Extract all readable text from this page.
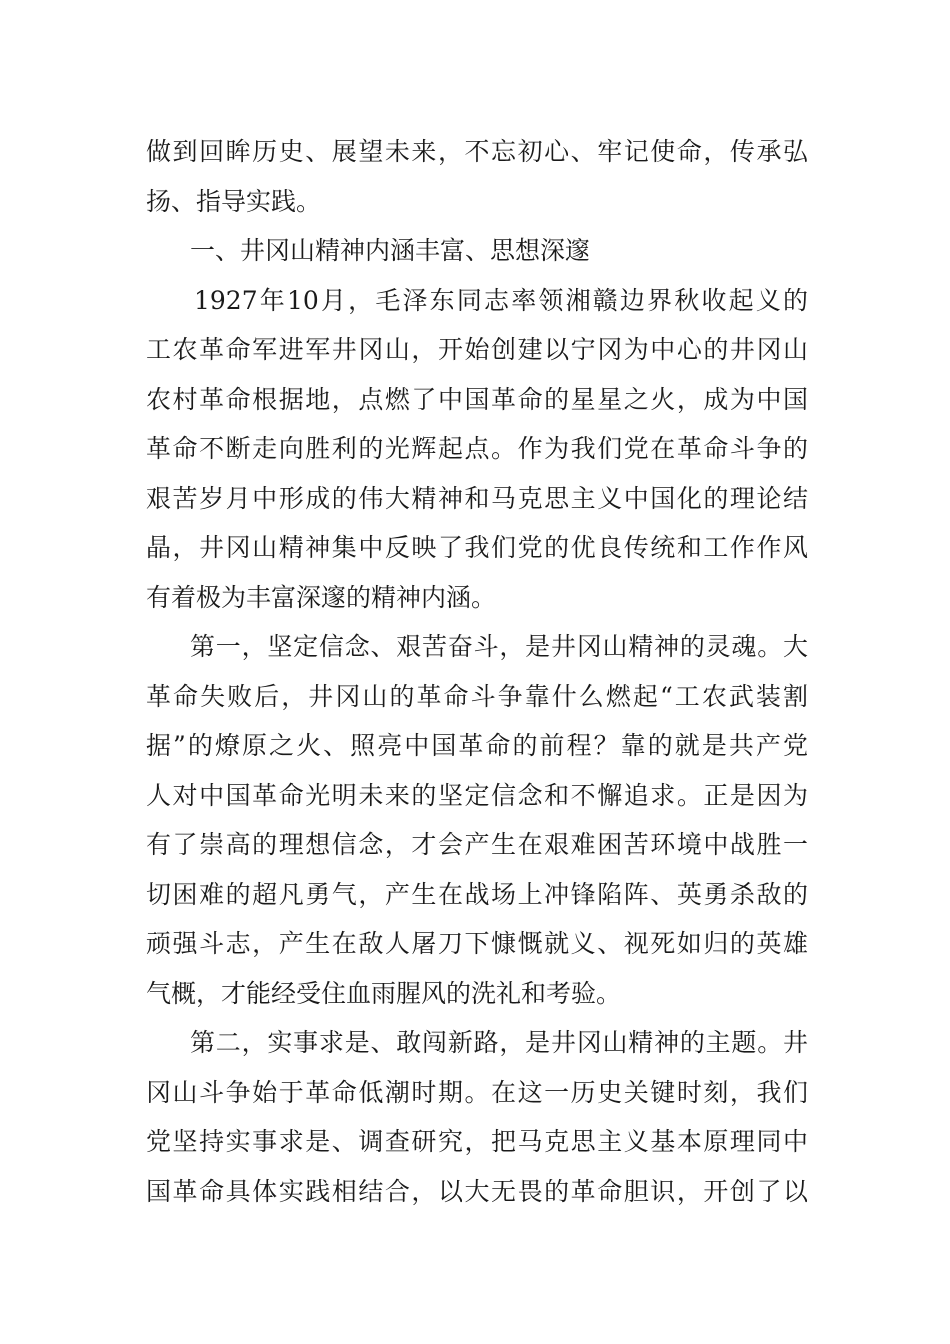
做到回眸历史、展望未来，不忘初心、牢记使命，传承弘
扬、指导实践。
一、井冈山精神内涵丰富、思想深邃
1927年10月，毛泽东同志率领湘赣边界秋收起义的
工农革命军进军井冈山，开始创建以宁冈为中心的井冈山
农村革命根据地，点燃了中国革命的星星之火，成为中国
革命不断走向胜利的光辉起点。作为我们党在革命斗争的
艰苦岁月中形成的伟大精神和马克思主义中国化的理论结
晶，井冈山精神集中反映了我们党的优良传统和工作作风
有着极为丰富深邃的精神内涵。
第一，坚定信念、艰苦奋斗，是井冈山精神的灵魂。大
革命失败后，井冈山的革命斗争靠什么燃起“工农武装割
据”的燎原之火、照亮中国革命的前程？靠的就是共产党
人对中国革命光明未来的坚定信念和不懈追求。正是因为
有了崇高的理想信念，才会产生在艰难困苦环境中战胜一
切困难的超凡勇气，产生在战场上冲锋陷阵、英勇杀敌的
顽强斗志，产生在敌人屠刀下慷慨就义、视死如归的英雄
气概，才能经受住血雨腥风的洗礼和考验。
第二，实事求是、敢闯新路，是井冈山精神的主题。井
冈山斗争始于革命低潮时期。在这一历史关键时刻，我们
党坚持实事求是、调查研究，把马克思主义基本原理同中
国革命具体实践相结合，以大无畏的革命胆识，开创了以
